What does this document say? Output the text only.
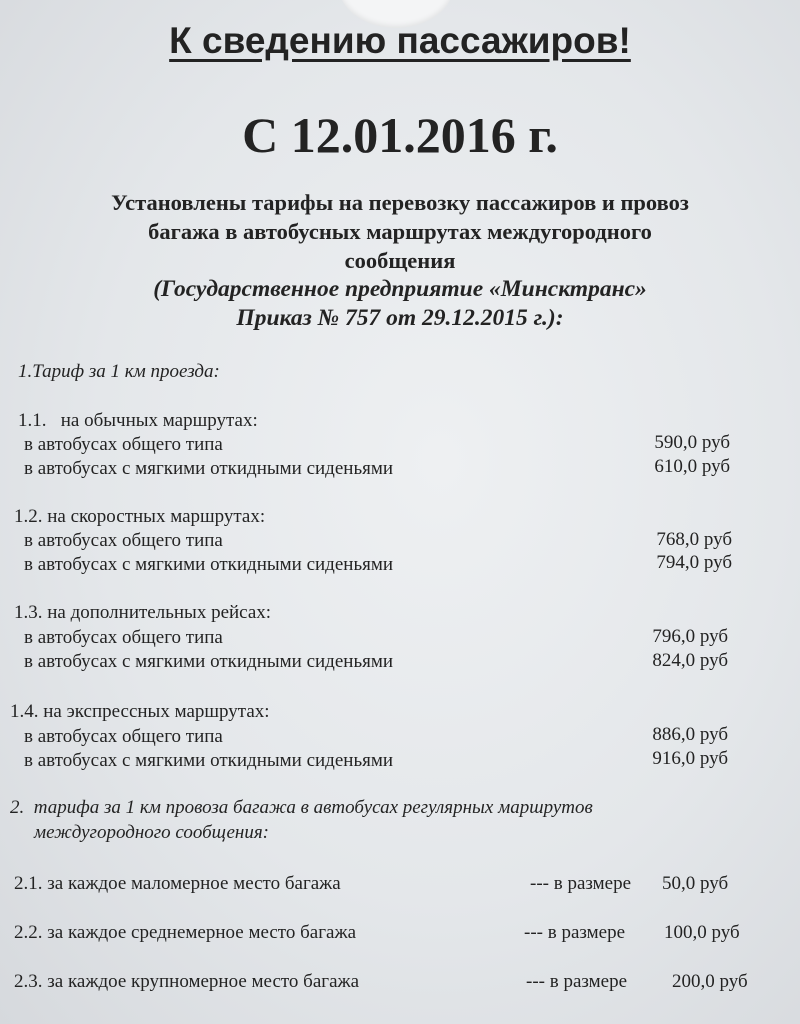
К сведению пассажиров!
С 12.01.2016 г.
Установлены тарифы на перевозку пассажиров и провоз
багажа в автобусных маршрутах междугородного
сообщения
(Государственное предприятие «Минсктранс»
Приказ № 757 от 29.12.2015 г.):
1.Тариф за 1 км проезда:
1.1.   на обычных маршрутах:
в автобусах общего типа	590,0 руб
в автобусах с мягкими откидными сиденьями	610,0 руб
1.2. на скоростных маршрутах:
в автобусах общего типа	768,0 руб
в автобусах с мягкими откидными сиденьями	794,0 руб
1.3. на дополнительных рейсах:
в автобусах общего типа	796,0 руб
в автобусах с мягкими откидными сиденьями	824,0 руб
1.4. на экспрессных маршрутах:
в автобусах общего типа	886,0 руб
в автобусах с мягкими откидными сиденьями	916,0 руб
2.  тарифа за 1 км провоза багажа в автобусах регулярных маршрутов
междугородного сообщения:
2.1. за каждое маломерное место багажа	--- в размере 50,0 руб
2.2. за каждое среднемерное место багажа	--- в размере 100,0 руб
2.3. за каждое крупномерное место багажа	--- в размере 200,0 руб
